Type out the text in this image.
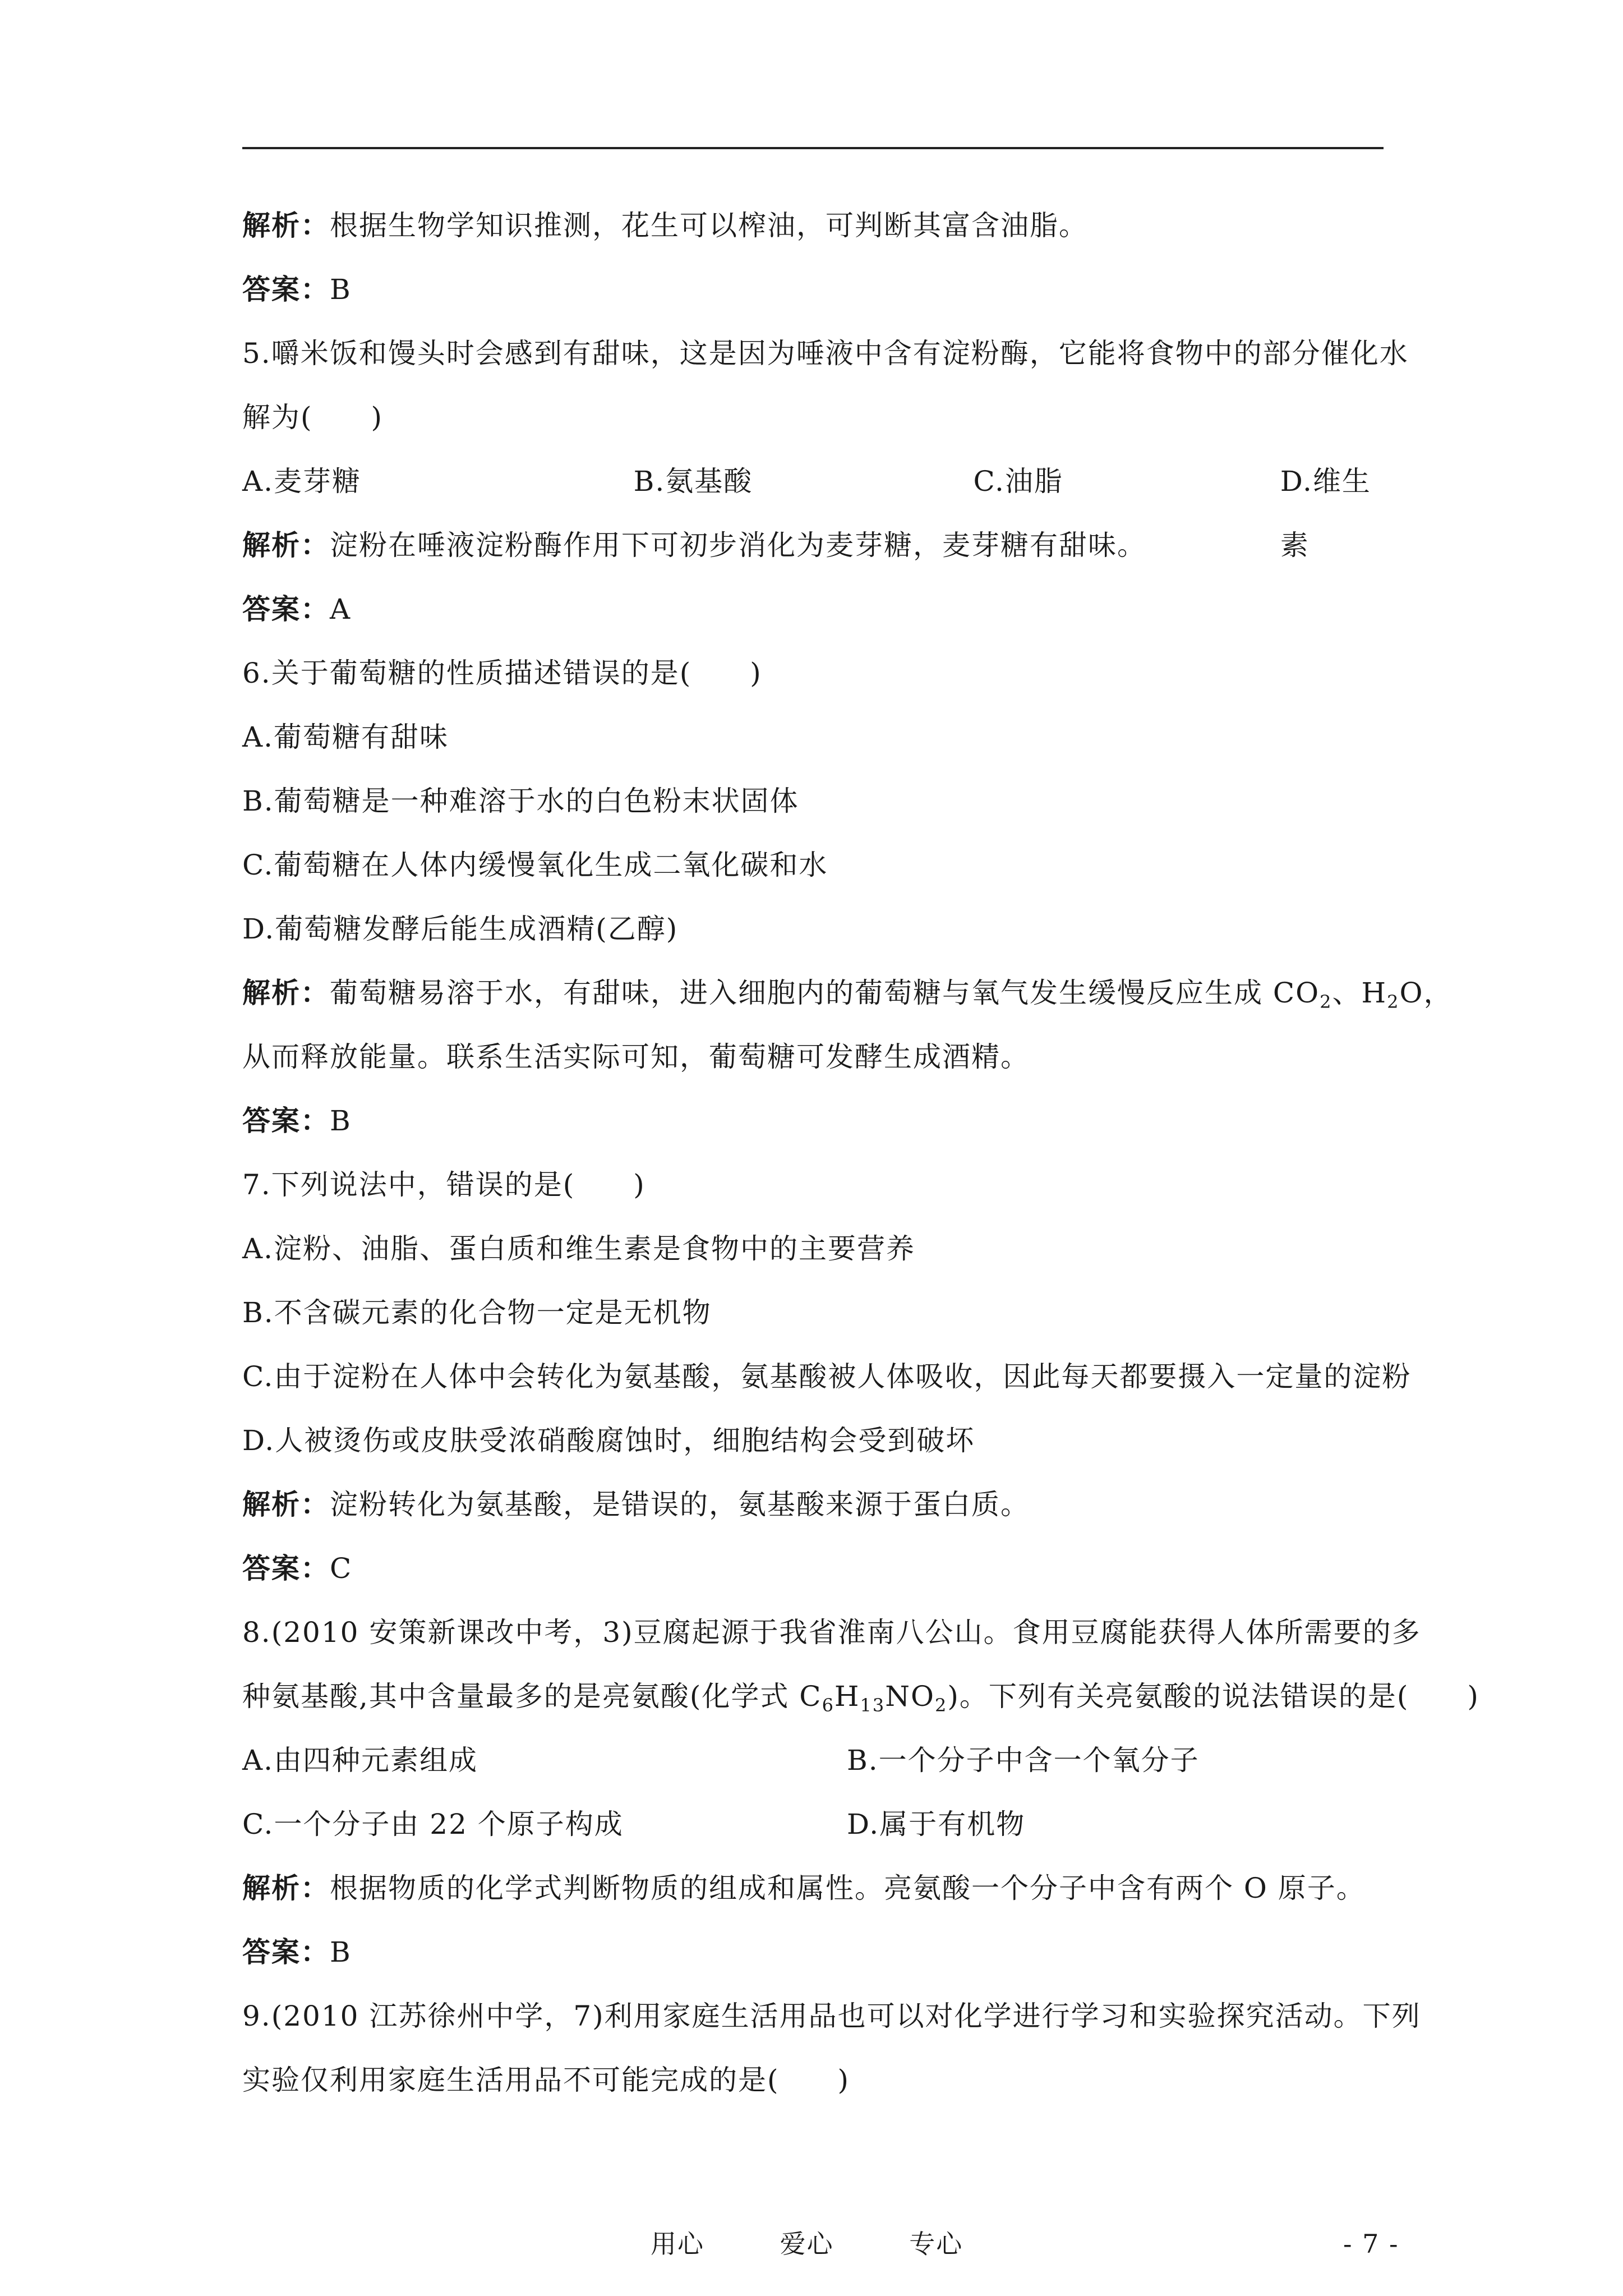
解析：根据生物学知识推测，花生可以榨油，可判断其富含油脂。
答案：B
5.嚼米饭和馒头时会感到有甜味，这是因为唾液中含有淀粉酶，它能将食物中的部分催化水
解为(　　)
A.麦芽糖	B.氨基酸	C.油脂	D.维生素
解析：淀粉在唾液淀粉酶作用下可初步消化为麦芽糖，麦芽糖有甜味。
答案：A
6.关于葡萄糖的性质描述错误的是(　　)
A.葡萄糖有甜味
B.葡萄糖是一种难溶于水的白色粉末状固体
C.葡萄糖在人体内缓慢氧化生成二氧化碳和水
D.葡萄糖发酵后能生成酒精(乙醇)
解析：葡萄糖易溶于水，有甜味，进入细胞内的葡萄糖与氧气发生缓慢反应生成 $CO_2$、$H_2O$，
从而释放能量。联系生活实际可知，葡萄糖可发酵生成酒精。
答案：B
7.下列说法中，错误的是(　　)
A.淀粉、油脂、蛋白质和维生素是食物中的主要营养
B.不含碳元素的化合物一定是无机物
C.由于淀粉在人体中会转化为氨基酸，氨基酸被人体吸收，因此每天都要摄入一定量的淀粉
D.人被烫伤或皮肤受浓硝酸腐蚀时，细胞结构会受到破坏
解析：淀粉转化为氨基酸，是错误的，氨基酸来源于蛋白质。
答案：C
8.(2010 安策新课改中考，3)豆腐起源于我省淮南八公山。食用豆腐能获得人体所需要的多
种氨基酸,其中含量最多的是亮氨酸(化学式 $C_6H_{13}NO_2$)。下列有关亮氨酸的说法错误的是(　　)
A.由四种元素组成	B.一个分子中含一个氧分子
C.一个分子由 22 个原子构成	D.属于有机物
解析：根据物质的化学式判断物质的组成和属性。亮氨酸一个分子中含有两个 O 原子。
答案：B
9.(2010 江苏徐州中学，7)利用家庭生活用品也可以对化学进行学习和实验探究活动。下列
实验仅利用家庭生活用品不可能完成的是(　　)
用心	爱心	专心	- 7 -
